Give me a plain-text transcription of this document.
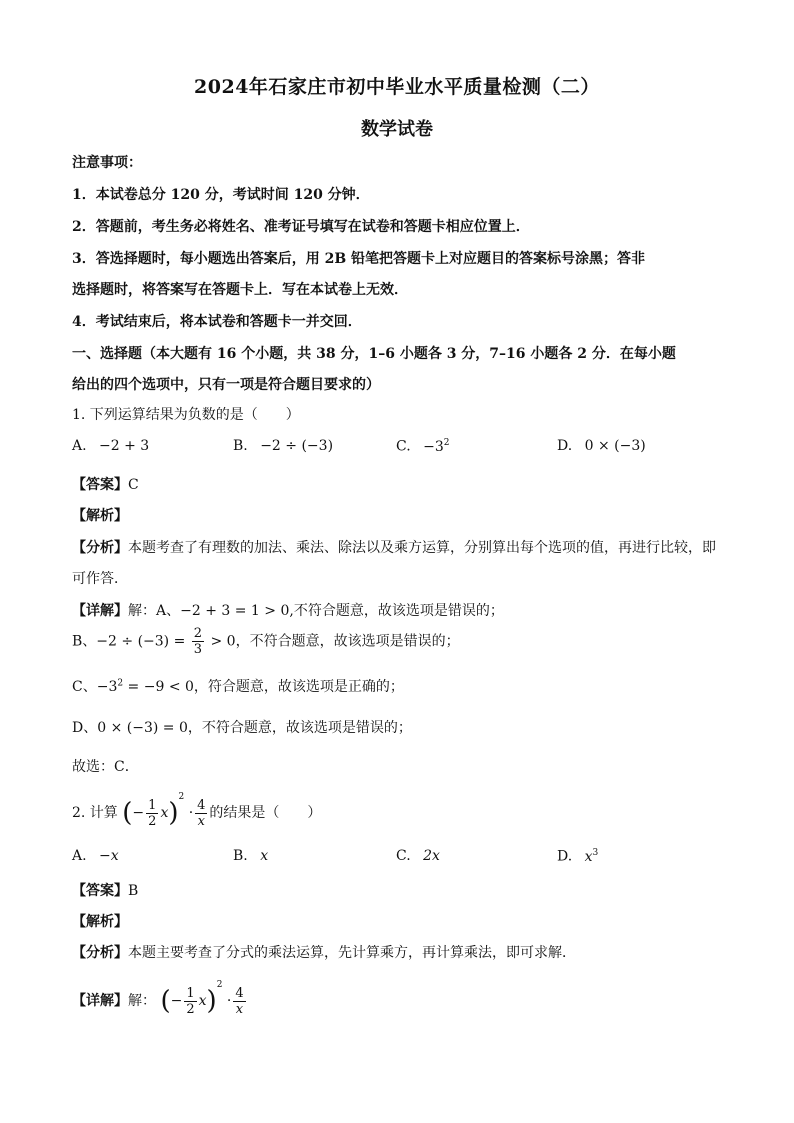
2024年石家庄市初中毕业水平质量检测（二）
数学试卷
注意事项：
1．本试卷总分 120 分，考试时间 120 分钟．
2．答题前，考生务必将姓名、准考证号填写在试卷和答题卡相应位置上．
3．答选择题时，每小题选出答案后，用 2B 铅笔把答题卡上对应题目的答案标号涂黑；答非
选择题时，将答案写在答题卡上．写在本试卷上无效．
4．考试结束后，将本试卷和答题卡一并交回．
一、选择题（本大题有 16 个小题，共 38 分，1–6 小题各 3 分，7–16 小题各 2 分．在每小题
给出的四个选项中，只有一项是符合题目要求的）
1. 下列运算结果为负数的是（　　）
A. −2 + 3	B. −2 ÷ (−3)	C. $-3^2$	D. 0 × (−3)
【答案】C
【解析】
【分析】本题考查了有理数的加法、乘法、除法以及乘方运算，分别算出每个选项的值，再进行比较，即
可作答．
【详解】解：A、−2 + 3 = 1 > 0,不符合题意，故该选项是错误的；
B、$-2 \div (-3) = \frac{2}{3} > 0$，不符合题意，故该选项是错误的；
C、$-3^2 = -9 < 0$，符合题意，故该选项是正确的；
D、0 × (−3) = 0，不符合题意，故该选项是错误的；
故选：C．
2. 计算 (− $\frac{1}{2} x)^2 \cdot \frac{4}{x}$ 的结果是（　　）
A. −x	B. x	C. 2x	D. $x^3$
【答案】B
【解析】
【分析】本题主要考查了分式的乘法运算，先计算乘方，再计算乘法，即可求解．
【详解】解： (− $\frac{1}{2} x)^2 \cdot \frac{4}{x}$
